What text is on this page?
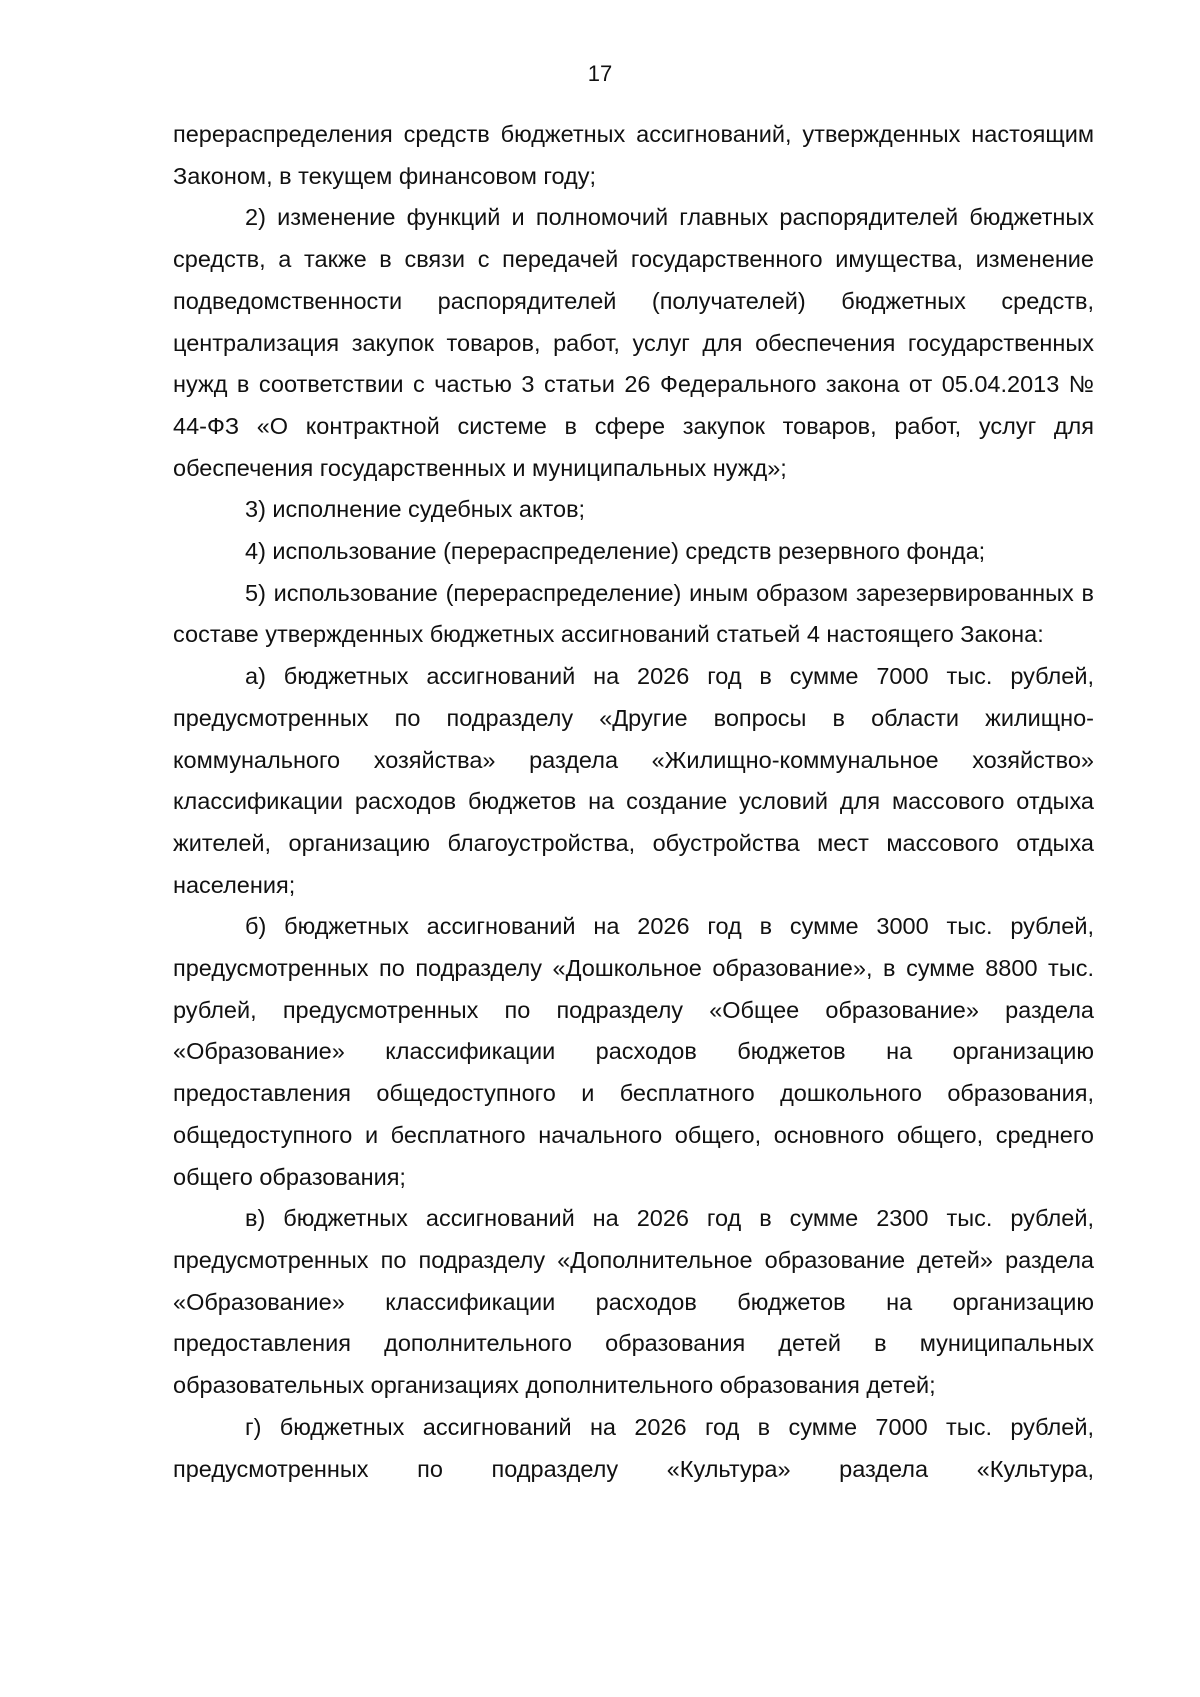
17

перераспределения средств бюджетных ассигнований, утвержденных настоящим Законом, в текущем финансовом году;

2) изменение функций и полномочий главных распорядителей бюджетных средств, а также в связи с передачей государственного имущества, изменение подведомственности распорядителей (получателей) бюджетных средств, централизация закупок товаров, работ, услуг для обеспечения государственных нужд в соответствии с частью 3 статьи 26 Федерального закона от 05.04.2013 № 44-ФЗ «О контрактной системе в сфере закупок товаров, работ, услуг для обеспечения государственных и муниципальных нужд»;

3) исполнение судебных актов;

4) использование (перераспределение) средств резервного фонда;

5) использование (перераспределение) иным образом зарезервированных в составе утвержденных бюджетных ассигнований статьей 4 настоящего Закона:

а) бюджетных ассигнований на 2026 год в сумме 7000 тыс. рублей, предусмотренных по подразделу «Другие вопросы в области жилищно-коммунального хозяйства» раздела «Жилищно-коммунальное хозяйство» классификации расходов бюджетов на создание условий для массового отдыха жителей, организацию благоустройства, обустройства мест массового отдыха населения;

б) бюджетных ассигнований на 2026 год в сумме 3000 тыс. рублей, предусмотренных по подразделу «Дошкольное образование», в сумме 8800 тыс. рублей, предусмотренных по подразделу «Общее образование» раздела «Образование» классификации расходов бюджетов на организацию предоставления общедоступного и бесплатного дошкольного образования, общедоступного и бесплатного начального общего, основного общего, среднего общего образования;

в) бюджетных ассигнований на 2026 год в сумме 2300 тыс. рублей, предусмотренных по подразделу «Дополнительное образование детей» раздела «Образование» классификации расходов бюджетов на организацию предоставления дополнительного образования детей в муниципальных образовательных организациях дополнительного образования детей;

г) бюджетных ассигнований на 2026 год в сумме 7000 тыс. рублей, предусмотренных по подразделу «Культура» раздела «Культура,
